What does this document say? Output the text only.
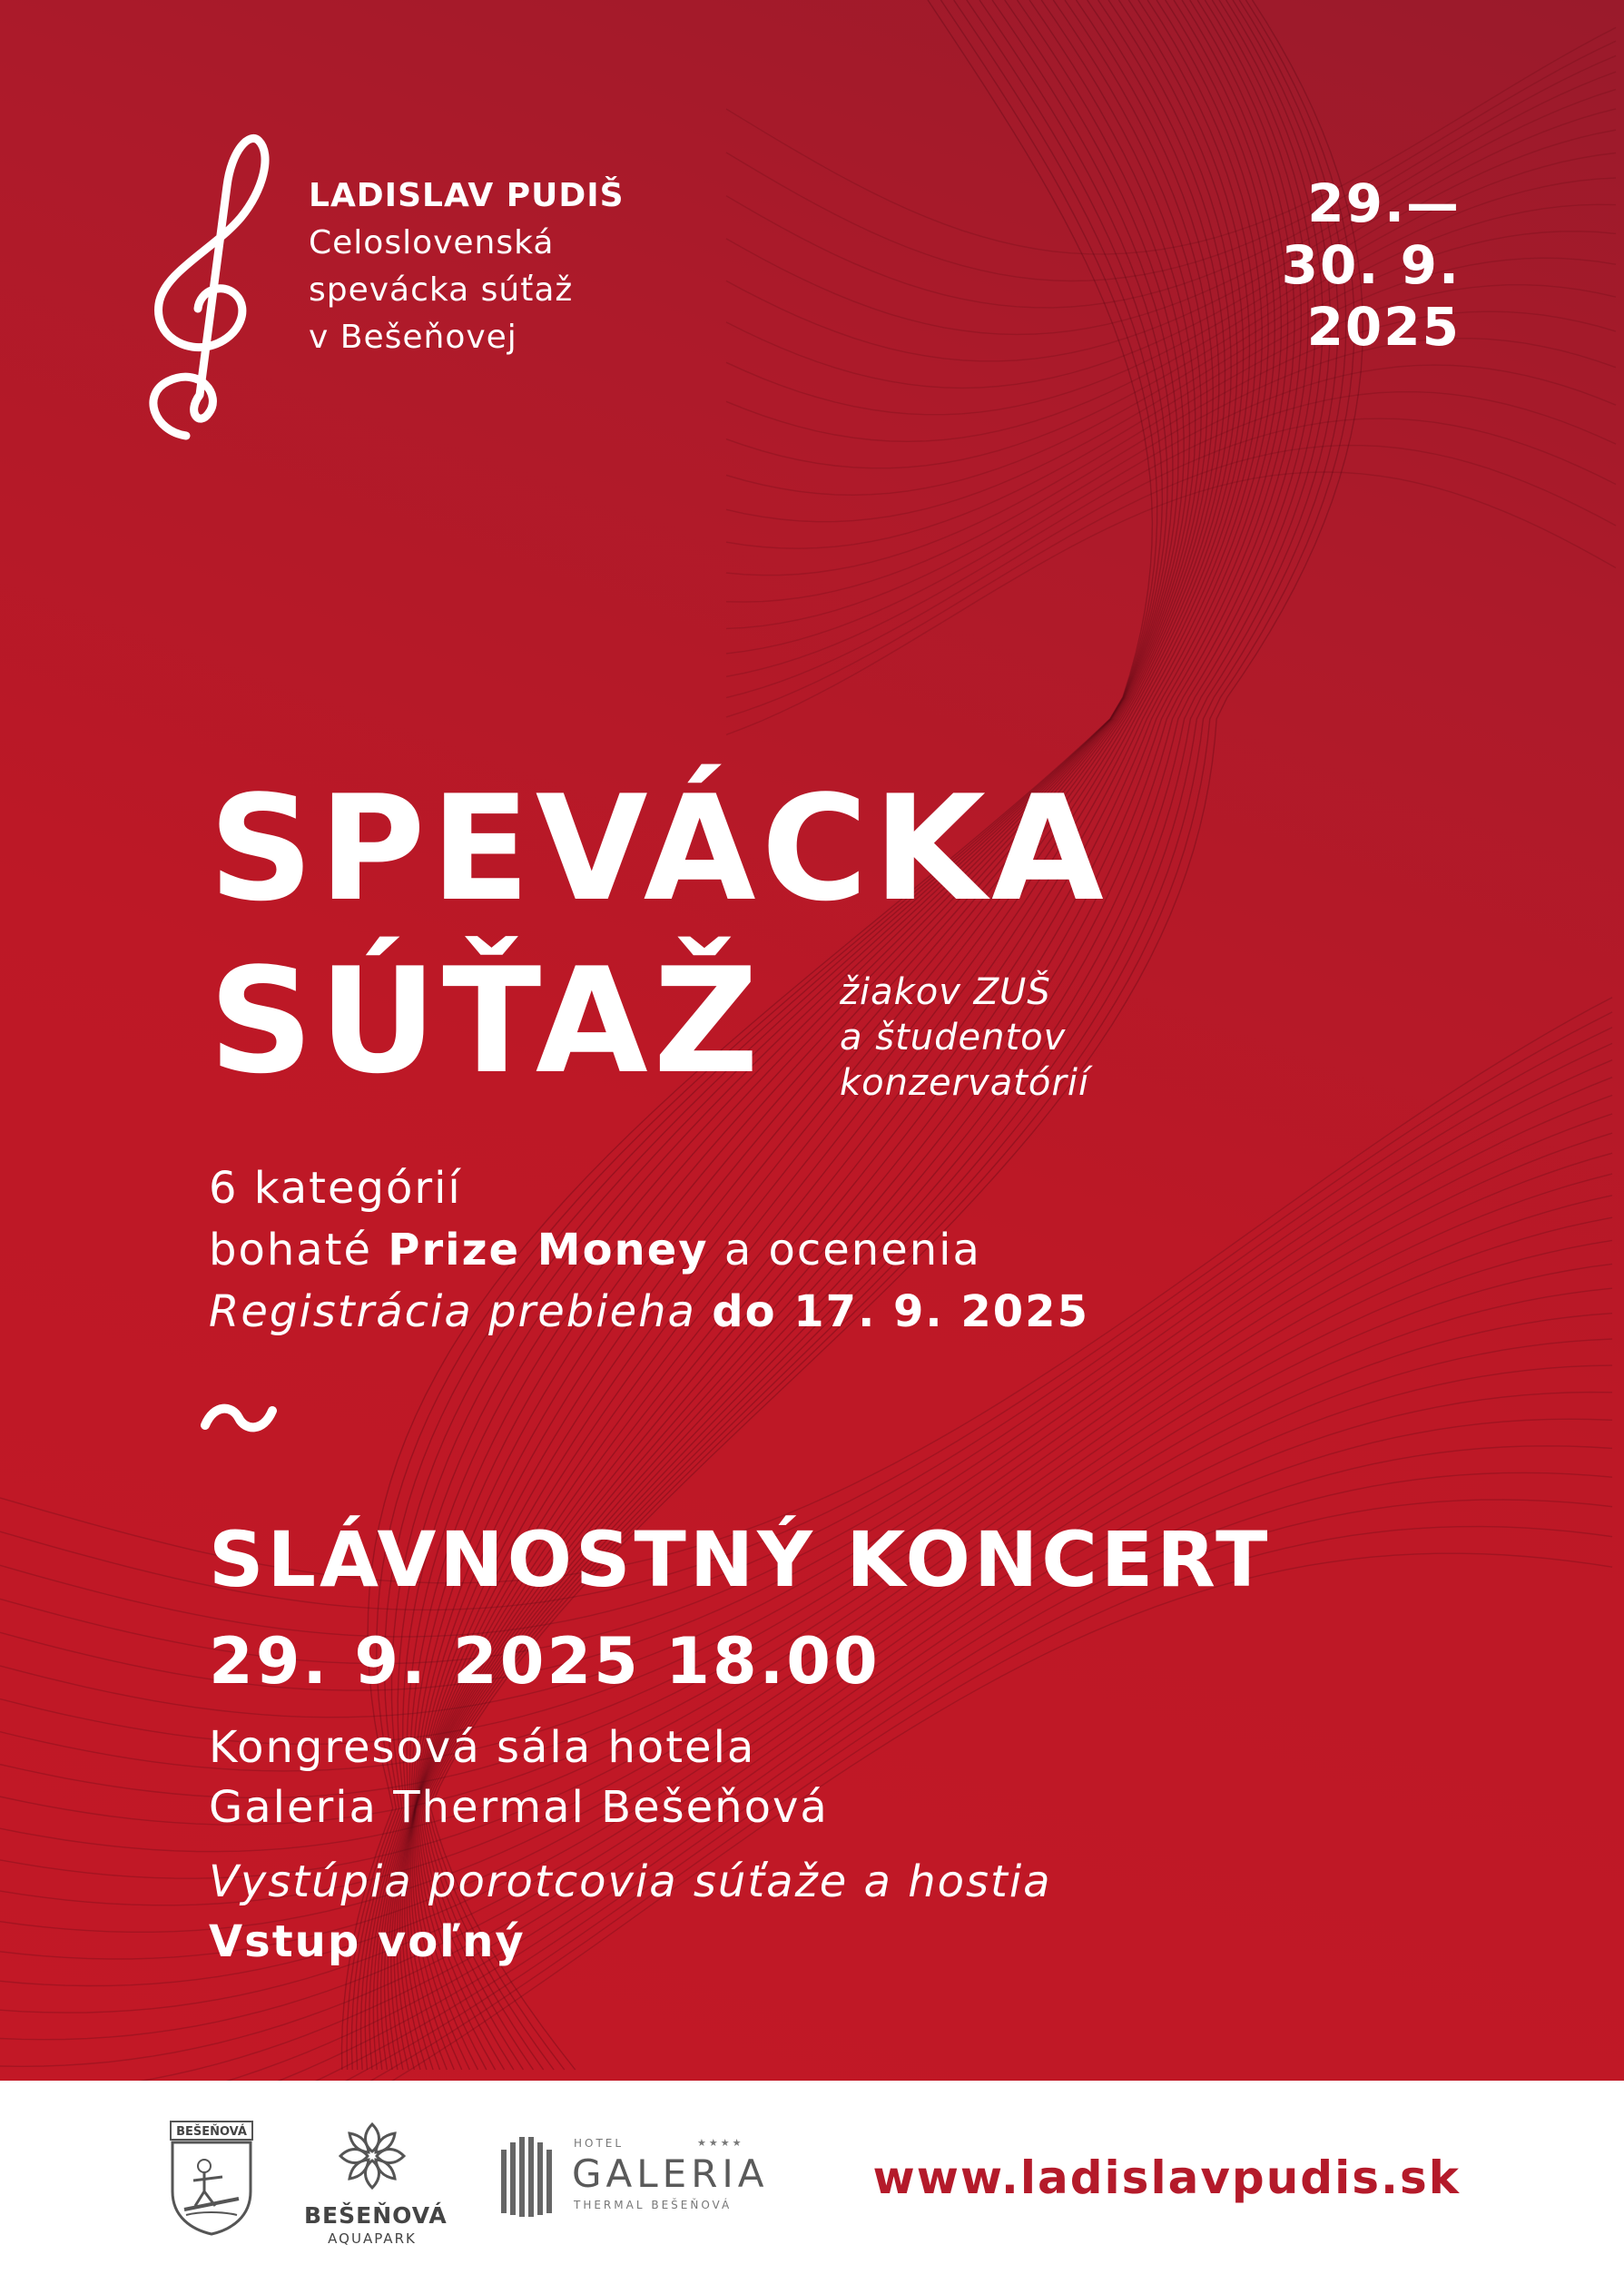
LADISLAV PUDIŠ
Celoslovenská
spevácka súťaž
v Bešeňovej
29.—
30. 9.
2025
SPEVÁCKA
SÚŤAŽ	žiakov ZUŠ
a študentov
konzervatórií
6 kategórií
bohaté Prize Money a ocenenia
Registrácia prebieha do 17. 9. 2025
SLÁVNOSTNÝ KONCERT
29. 9. 2025 18.00
Kongresová sála hotela
Galeria Thermal Bešeňová
Vystúpia porotcovia súťaže a hostia
Vstup voľný
BEŠEŇOVÁ
BEŠEŇOVÁ
AQUAPARK
HOTEL	★★★★
GALERIA
THERMAL BEŠEŇOVÁ
www.ladislavpudis.sk
